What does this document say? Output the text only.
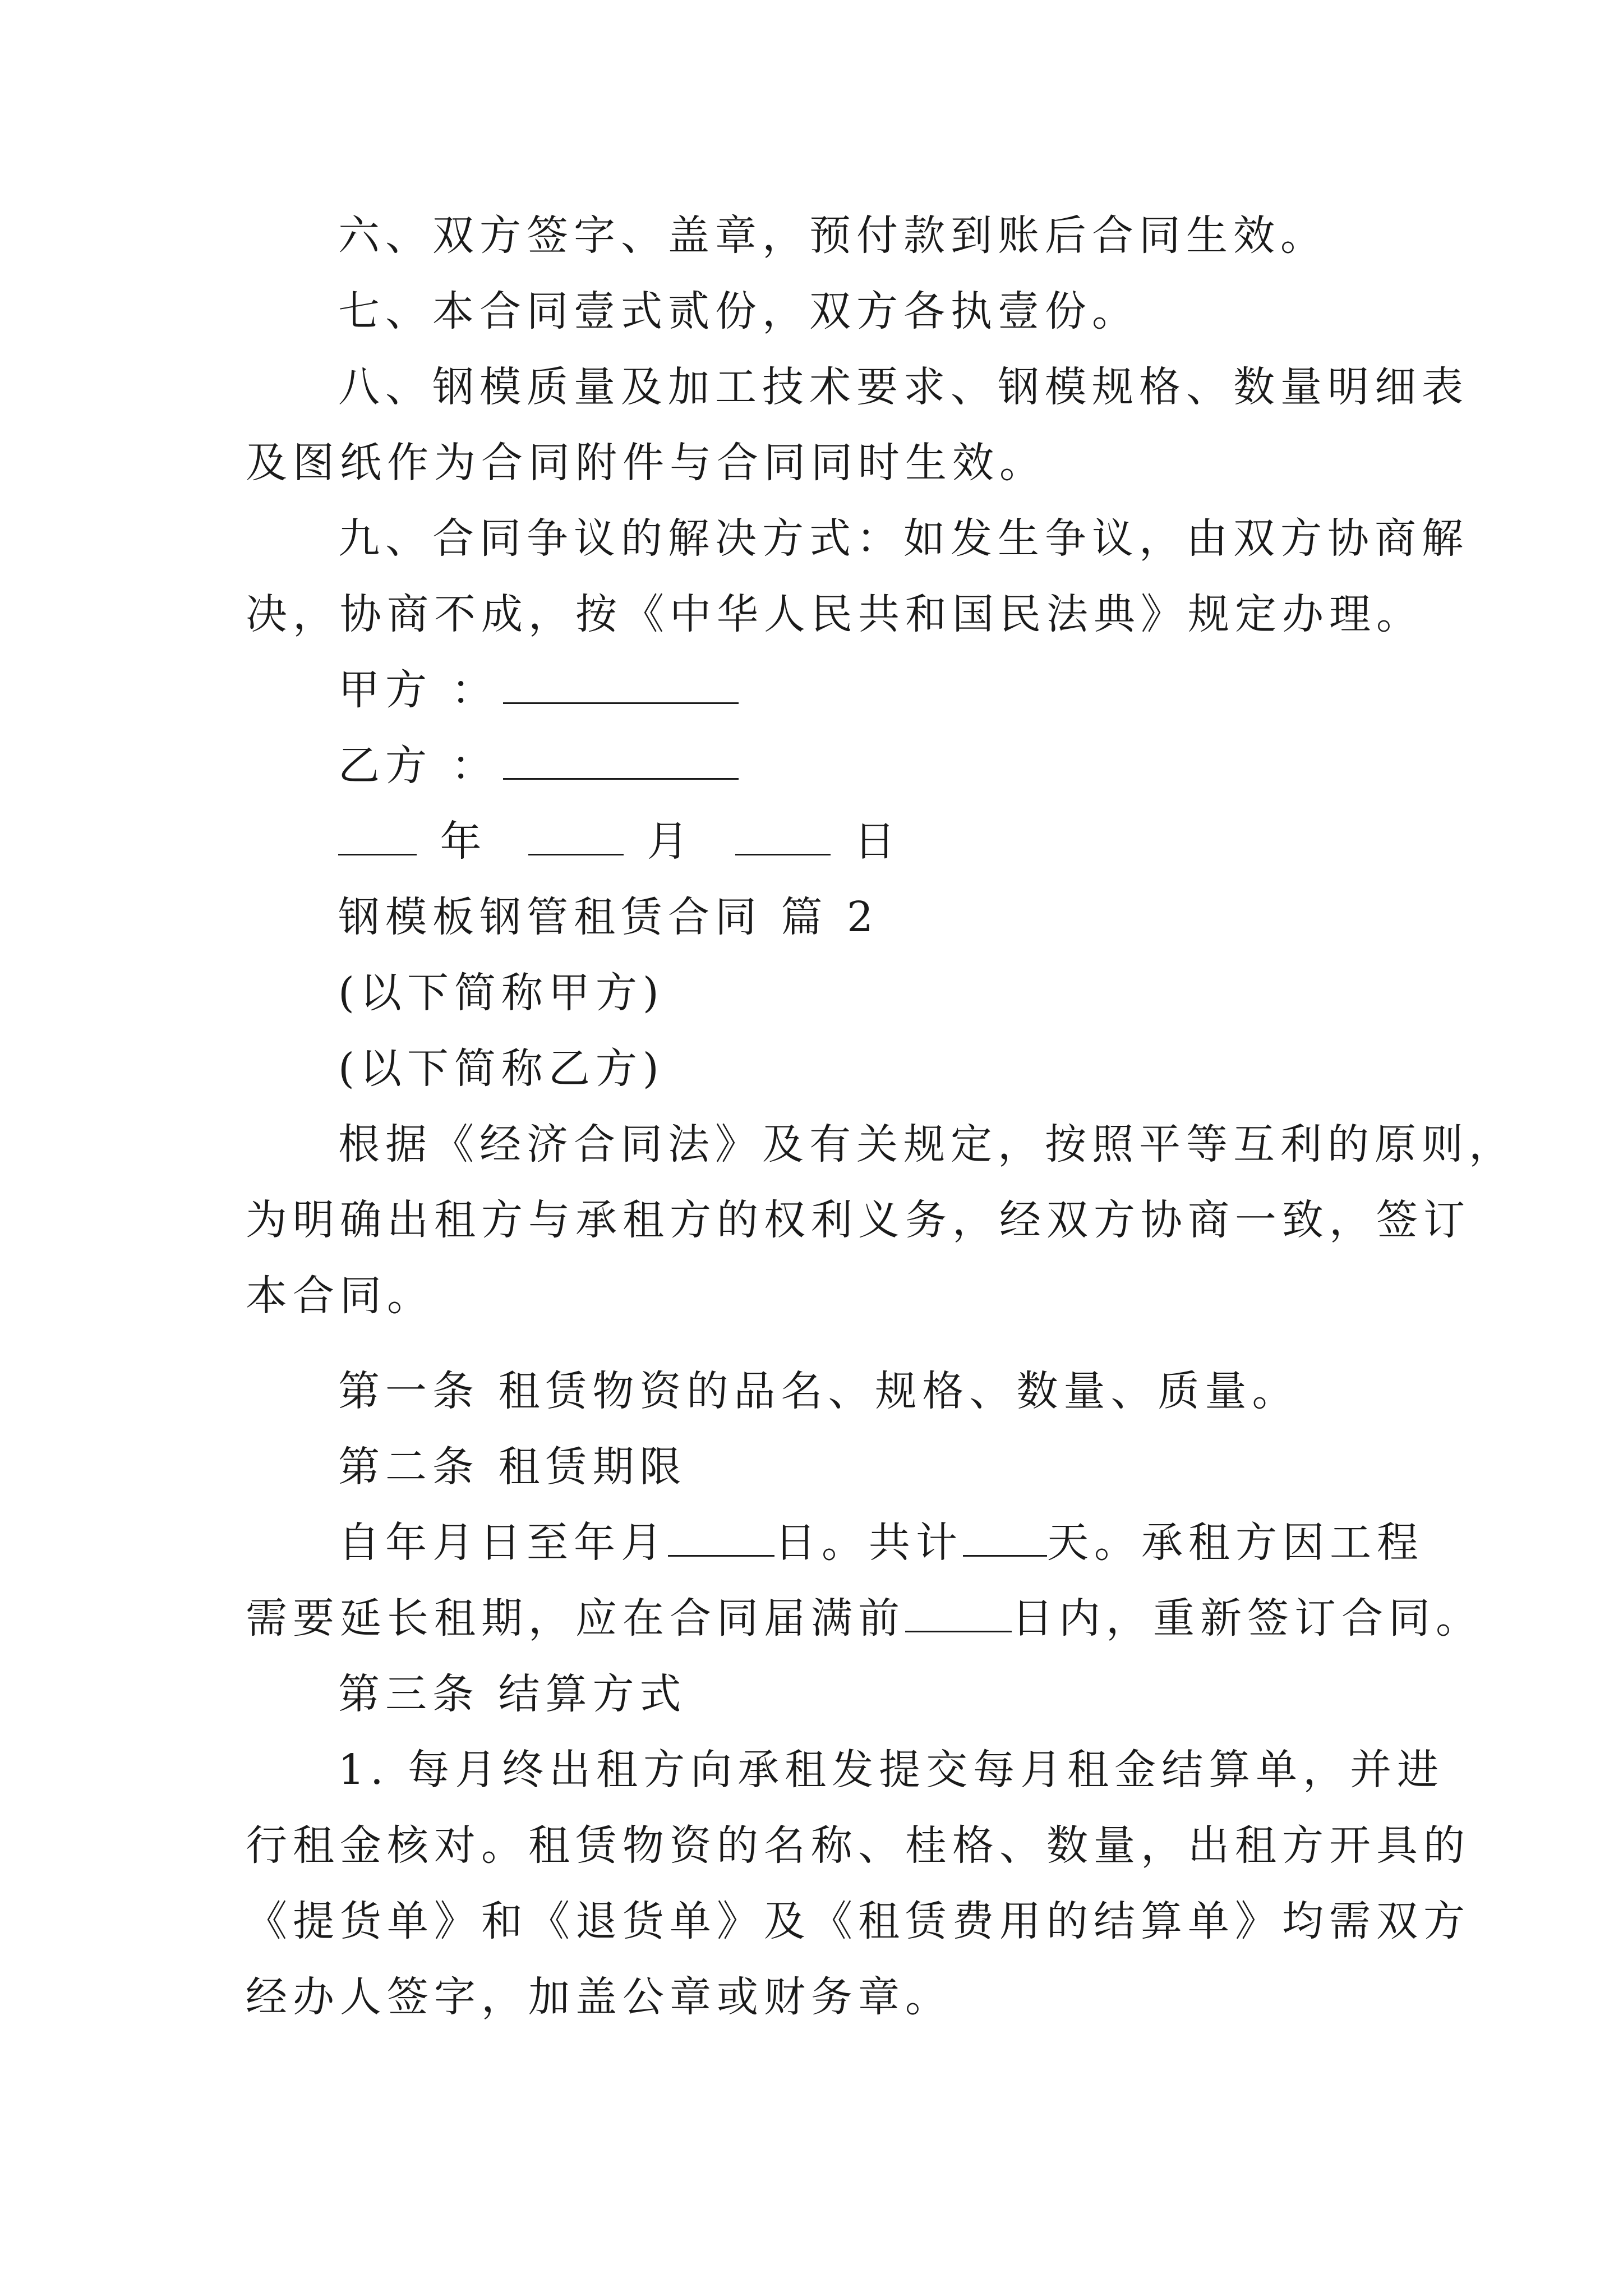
六、双方签字、盖章，预付款到账后合同生效。
七、本合同壹式贰份，双方各执壹份。
八、钢模质量及加工技术要求、钢模规格、数量明细表
及图纸作为合同附件与合同同时生效。
九、合同争议的解决方式：如发生争议，由双方协商解
决，协商不成，按《中华人民共和国民法典》规定办理。
甲方 ：
乙方 ：
年	月	日
钢模板钢管租赁合同 篇 2
(以下简称甲方)
(以下简称乙方)
根据《经济合同法》及有关规定，按照平等互利的原则，
为明确出租方与承租方的权利义务，经双方协商一致，签订
本合同。
第一条 租赁物资的品名、规格、数量、质量。
第二条 租赁期限
自年月日至年月	日。共计 天。承租方因工程
需要延长租期，应在合同届满前	日内，重新签订合同。
第三条 结算方式
1. 每月终出租方向承租发提交每月租金结算单，并进
行租金核对。租赁物资的名称、桂格、数量，出租方开具的
《提货单》和《退货单》及《租赁费用的结算单》均需双方
经办人签字，加盖公章或财务章。
